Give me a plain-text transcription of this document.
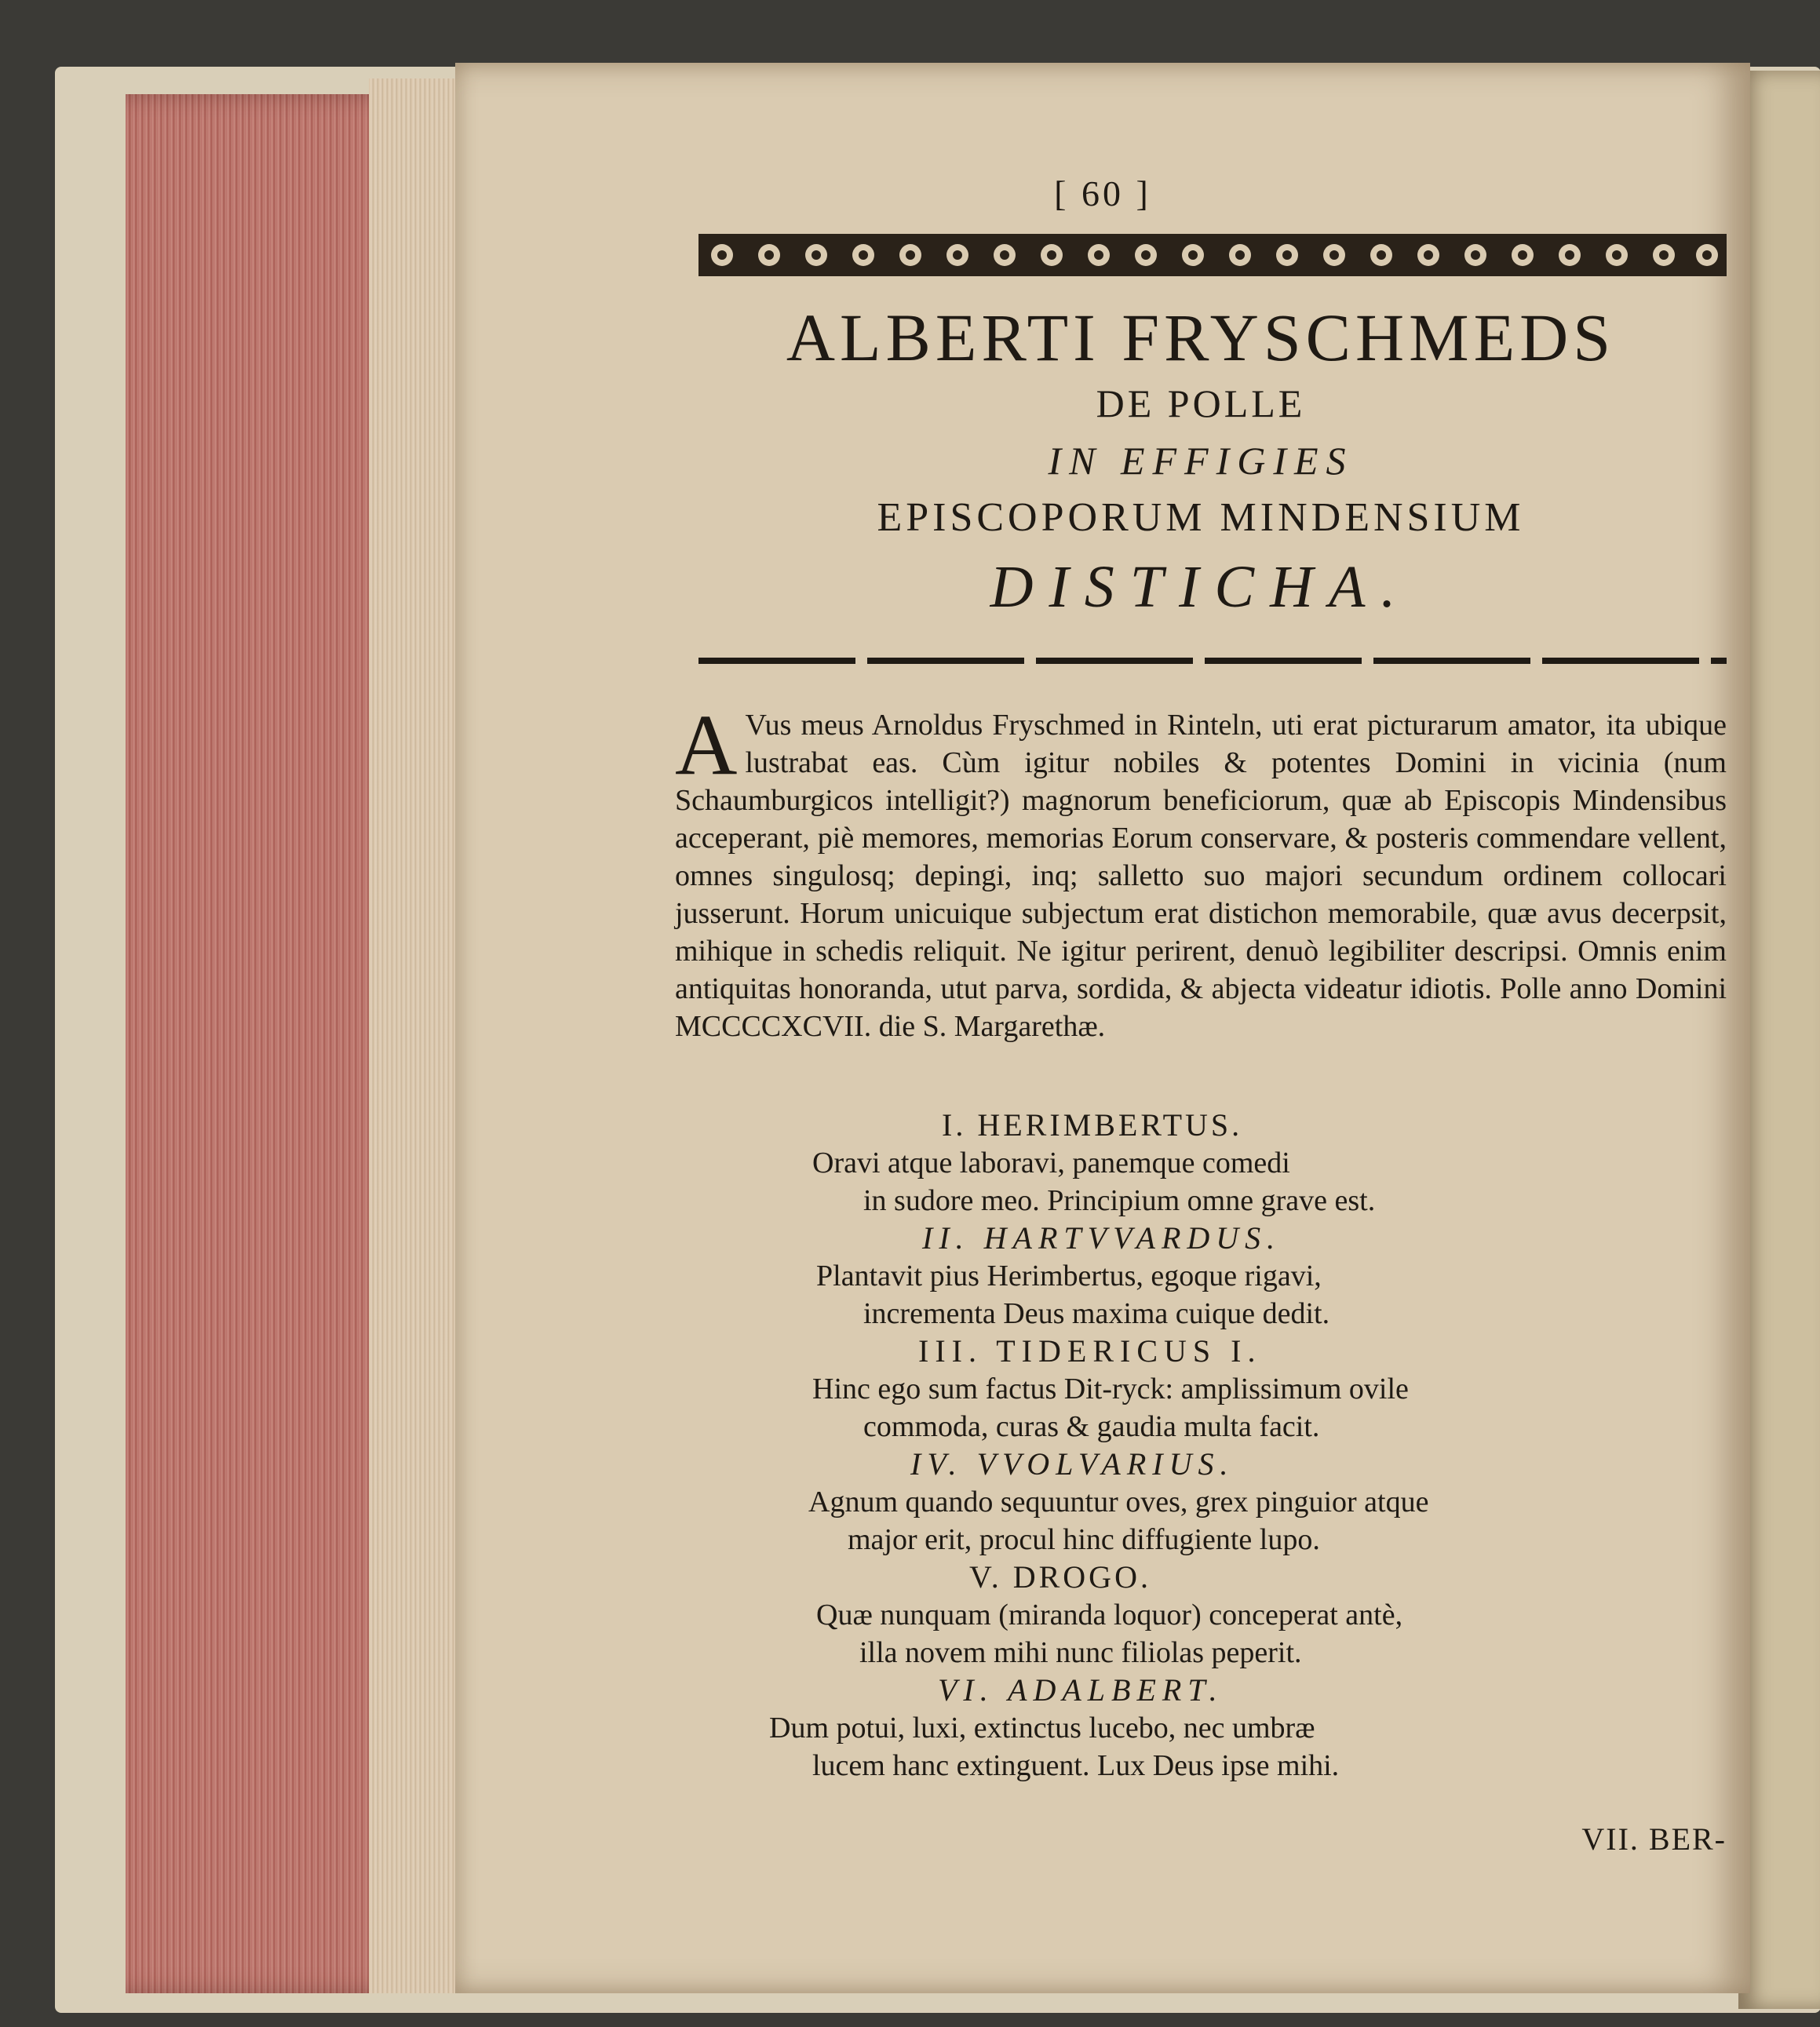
[ 60 ]
ALBERTI FRYSCHMEDS
DE POLLE
IN EFFIGIES
EPISCOPORUM MINDENSIUM
DISTICHA.

A Vus meus Arnoldus Fryschmed in Rinteln, uti erat picturarum amator, ita ubique lustrabat eas. Cùm igitur nobiles & potentes Domini in vicinia (num Schaumburgicos intelligit?) magnorum beneficiorum, quæ ab Episcopis Mindensibus acceperant, piè memores, memorias Eorum conservare, & posteris commendare vellent, omnes singulosq; depingi, inq; salletto suo majori secundum ordinem collocari jusserunt. Horum unicuique subjectum erat distichon memorabile, quæ avus decerpsit, mihique in schedis reliquit. Ne igitur perirent, denuò legibiliter descripsi. Omnis enim antiquitas honoranda, utut parva, sordida, & abjecta videatur idiotis. Polle anno Domini MCCCCXCVII. die S. Margarethæ.

I. HERIMBERTUS.
Oravi atque laboravi, panemque comedi
in sudore meo. Principium omne grave est.
II. HARTVVARDUS.
Plantavit pius Herimbertus, egoque rigavi,
incrementa Deus maxima cuique dedit.
III. TIDERICUS I.
Hinc ego sum factus Dit-ryck: amplissimum ovile
commoda, curas & gaudia multa facit.
IV. VVOLVARIUS.
Agnum quando sequuntur oves, grex pinguior atque
major erit, procul hinc diffugiente lupo.
V. DROGO.
Quæ nunquam (miranda loquor) conceperat antè,
illa novem mihi nunc filiolas peperit.
VI. ADALBERT.
Dum potui, luxi, extinctus lucebo, nec umbræ
lucem hanc extinguent. Lux Deus ipse mihi.
VII. BER-
